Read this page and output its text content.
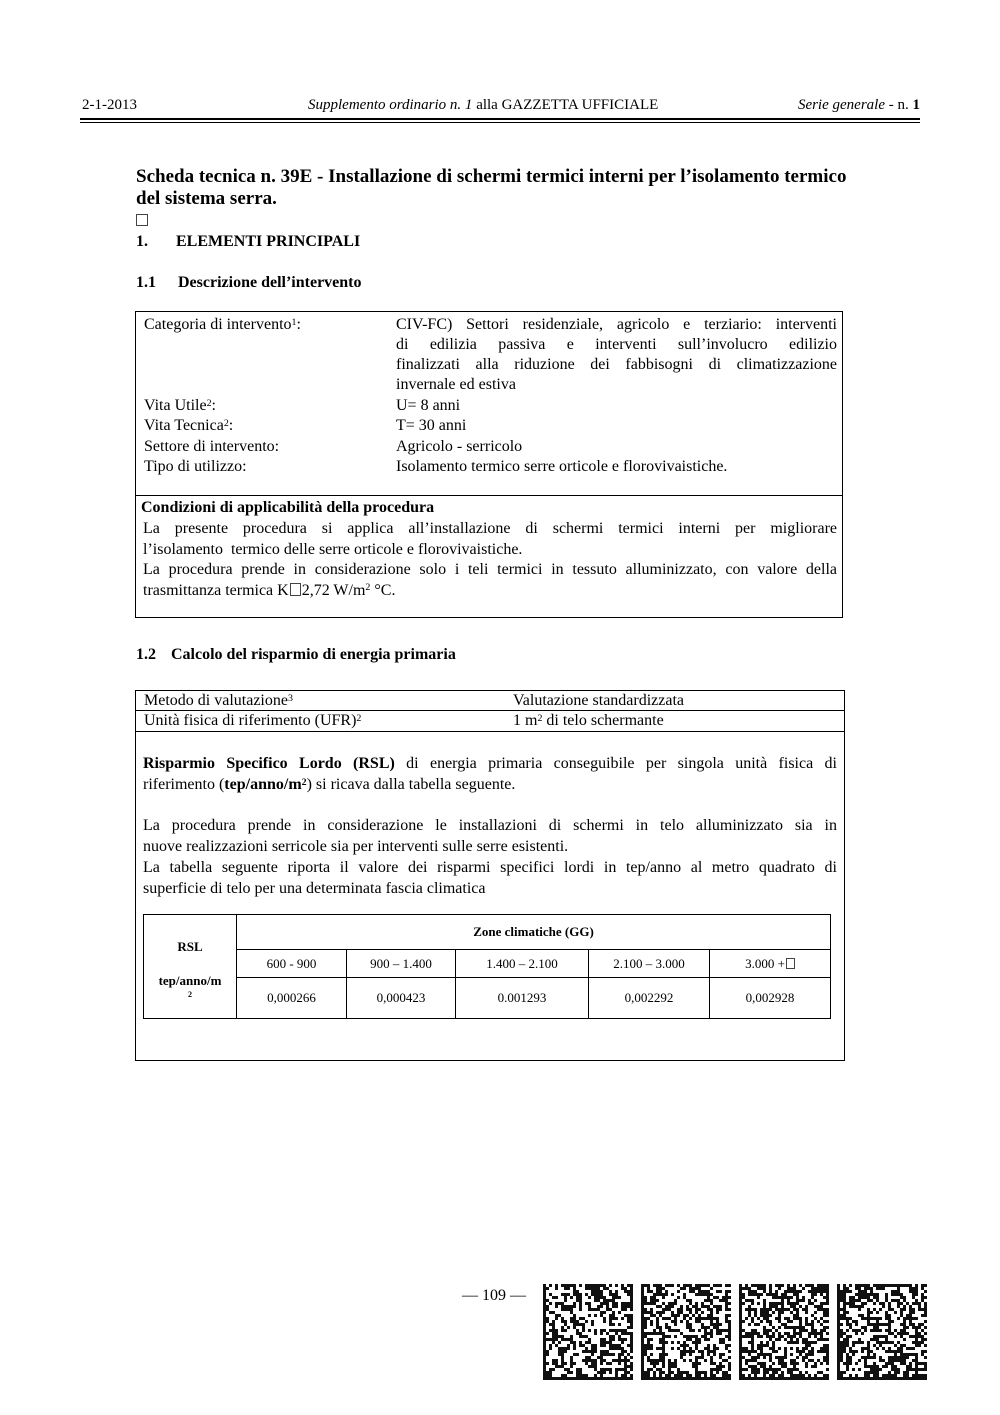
2-1-2013	Supplemento ordinario n. 1 alla GAZZETTA UFFICIALE	Serie generale - n. 1
Scheda tecnica n. 39E - Installazione di schermi termici interni per l’isolamento termico del sistema serra.
1. ELEMENTI PRINCIPALI
1.1 Descrizione dell’intervento
Categoria di intervento$^1$:	CIV-FC) Settori residenziale, agricolo e terziario: interventi
di edilizia passiva e interventi sull’involucro edilizio
finalizzati alla riduzione dei fabbisogni di climatizzazione
invernale ed estiva
Vita Utile$^2$:	U= 8 anni
Vita Tecnica$^2$:	T= 30 anni
Settore di intervento:	Agricolo - serricolo
Tipo di utilizzo:	Isolamento termico serre orticole e florovivaistiche.
Condizioni di applicabilità della procedura
La presente procedura si applica all’installazione di schermi termici interni per migliorare
l’isolamento  termico delle serre orticole e florovivaistiche.
La procedura prende in considerazione solo i teli termici in tessuto alluminizzato, con valore della
trasmittanza termica K 2,72 $W/m^2$ °C.
1.2 Calcolo del risparmio di energia primaria
Metodo di valutazione$^3$	Valutazione standardizzata
Unità fisica di riferimento (UFR)$^2$	1 $m^2$ di telo schermante
Risparmio Specifico Lordo (RSL) di energia primaria conseguibile per singola unità fisica di
riferimento $(tep/anno/m^2)$ si ricava dalla tabella seguente.
La procedura prende in considerazione le installazioni di schermi in telo alluminizzato sia in
nuove realizzazioni serricole sia per interventi sulle serre esistenti.
La tabella seguente riporta il valore dei risparmi specifici lordi in tep/anno al metro quadrato di
superficie di telo per una determinata fascia climatica
RSL
tep/anno/m
$^2$	Zone climatiche (GG)				
	600 - 900	900 – 1.400	1.400 – 2.100	2.100 – 3.000	3.000 +
	0,000266	0,000423	0.001293	0,002292	0,002928
— 109 —
